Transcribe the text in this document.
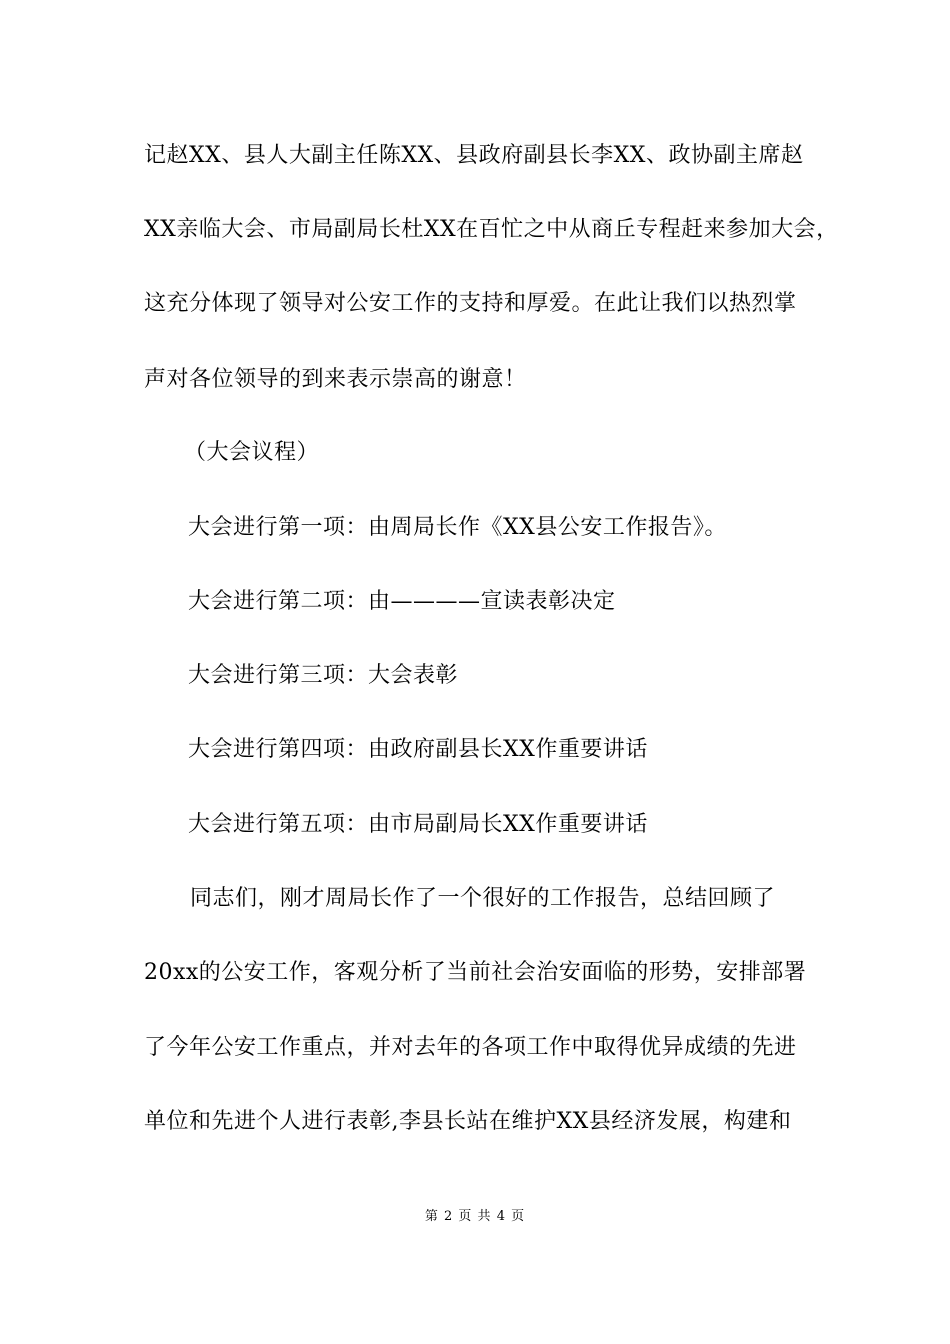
记赵XX、县人大副主任陈XX、县政府副县长李XX、政协副主席赵
XX亲临大会、市局副局长杜XX在百忙之中从商丘专程赶来参加大会，
这充分体现了领导对公安工作的支持和厚爱。在此让我们以热烈掌
声对各位领导的到来表示崇高的谢意！
（大会议程）
大会进行第一项：由周局长作《XX县公安工作报告》。
大会进行第二项：由————宣读表彰决定
大会进行第三项：大会表彰
大会进行第四项：由政府副县长XX作重要讲话
大会进行第五项：由市局副局长XX作重要讲话
同志们，刚才周局长作了一个很好的工作报告，总结回顾了
20xx的公安工作，客观分析了当前社会治安面临的形势，安排部署
了今年公安工作重点，并对去年的各项工作中取得优异成绩的先进
单位和先进个人进行表彰,李县长站在维护XX县经济发展，构建和
第 2 页 共 4 页
